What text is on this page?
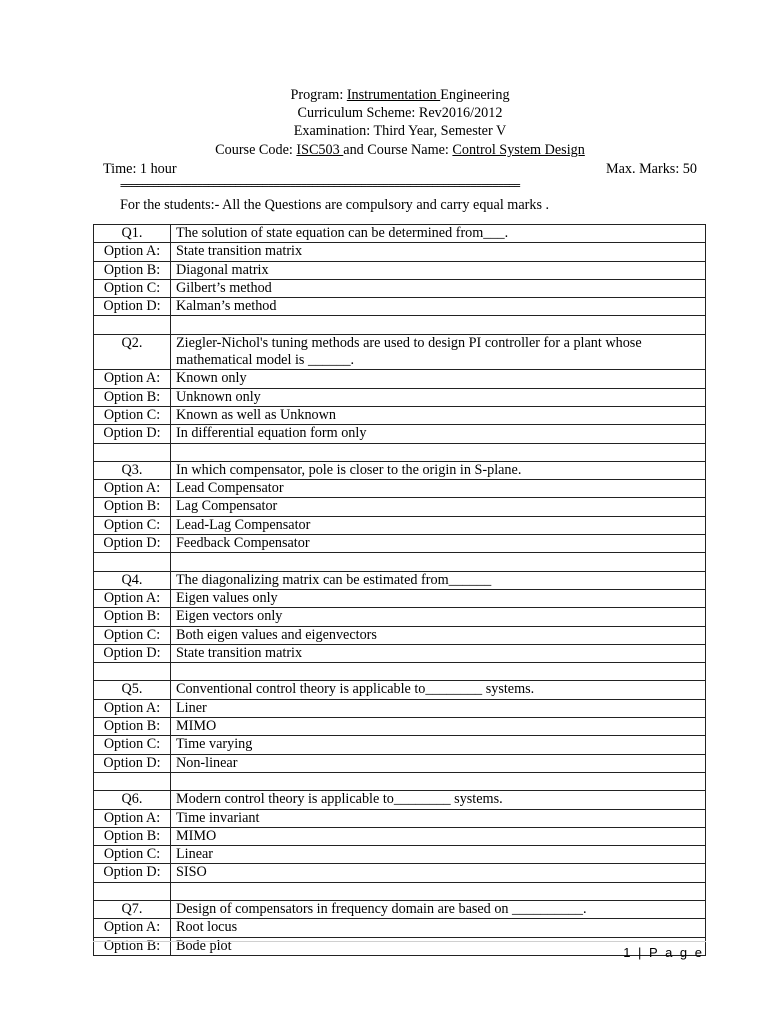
Program: Instrumentation Engineering
Curriculum Scheme: Rev2016/2012
Examination: Third Year, Semester V
Course Code: ISC503 and Course Name: Control System Design
Time: 1 hour	Max. Marks: 50
=========================================================================
For the students:- All the Questions are compulsory and carry equal marks .
Q1.	The solution of state equation can be determined from___.
Option A:	State transition matrix
Option B:	Diagonal matrix
Option C:	Gilbert’s method
Option D:	Kalman’s method

Q2.	Ziegler-Nichol's tuning methods are used to design PI controller for a plant whose mathematical model is ______.
Option A:	Known only
Option B:	Unknown only
Option C:	Known as well as Unknown
Option D:	In differential equation form only

Q3.	In which compensator, pole is closer to the origin in S-plane.
Option A:	Lead Compensator
Option B:	Lag Compensator
Option C:	Lead-Lag Compensator
Option D:	Feedback Compensator

Q4.	The diagonalizing matrix can be estimated from______
Option A:	Eigen values only
Option B:	Eigen vectors only
Option C:	Both eigen values and eigenvectors
Option D:	State transition matrix

Q5.	Conventional control theory is applicable to________ systems.
Option A:	Liner
Option B:	MIMO
Option C:	Time varying
Option D:	Non-linear

Q6.	Modern control theory is applicable to________ systems.
Option A:	Time invariant
Option B:	MIMO
Option C:	Linear
Option D:	SISO

Q7.	Design of compensators in frequency domain are based on __________.
Option A:	Root locus
Option B:	Bode plot	1 | P a g e
